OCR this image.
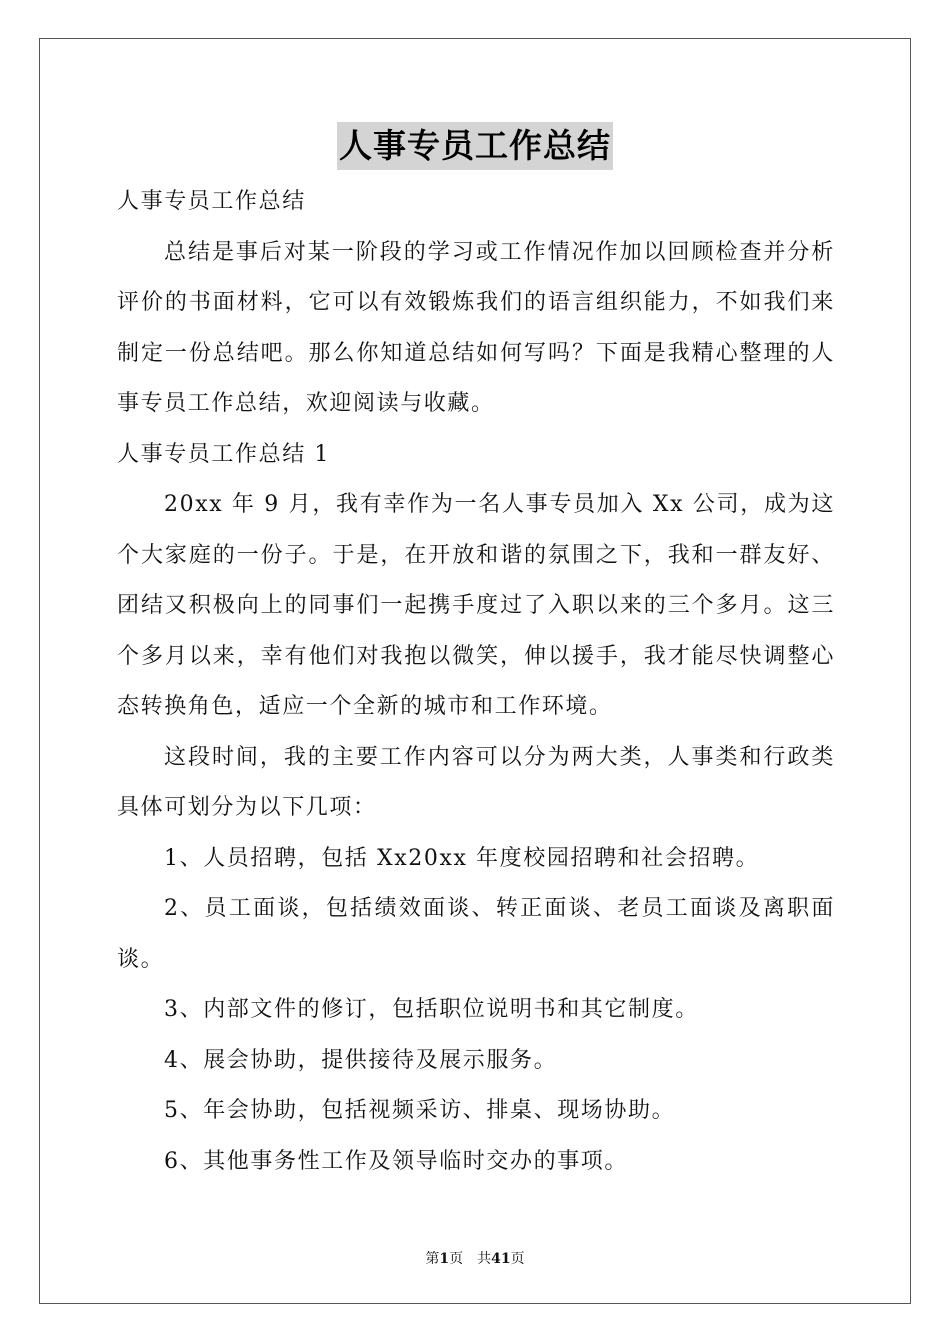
人事专员工作总结

人事专员工作总结

总结是事后对某一阶段的学习或工作情况作加以回顾检查并分析评价的书面材料，它可以有效锻炼我们的语言组织能力，不如我们来制定一份总结吧。那么你知道总结如何写吗？下面是我精心整理的人事专员工作总结，欢迎阅读与收藏。

人事专员工作总结 1

20xx 年 9 月，我有幸作为一名人事专员加入 Xx 公司，成为这个大家庭的一份子。于是，在开放和谐的氛围之下，我和一群友好、团结又积极向上的同事们一起携手度过了入职以来的三个多月。这三个多月以来，幸有他们对我抱以微笑，伸以援手，我才能尽快调整心态转换角色，适应一个全新的城市和工作环境。

这段时间，我的主要工作内容可以分为两大类，人事类和行政类具体可划分为以下几项：

1、人员招聘，包括 Xx20xx 年度校园招聘和社会招聘。

2、员工面谈，包括绩效面谈、转正面谈、老员工面谈及离职面谈。

3、内部文件的修订，包括职位说明书和其它制度。

4、展会协助，提供接待及展示服务。

5、年会协助，包括视频采访、排桌、现场协助。

6、其他事务性工作及领导临时交办的事项。

第1页 共41页
